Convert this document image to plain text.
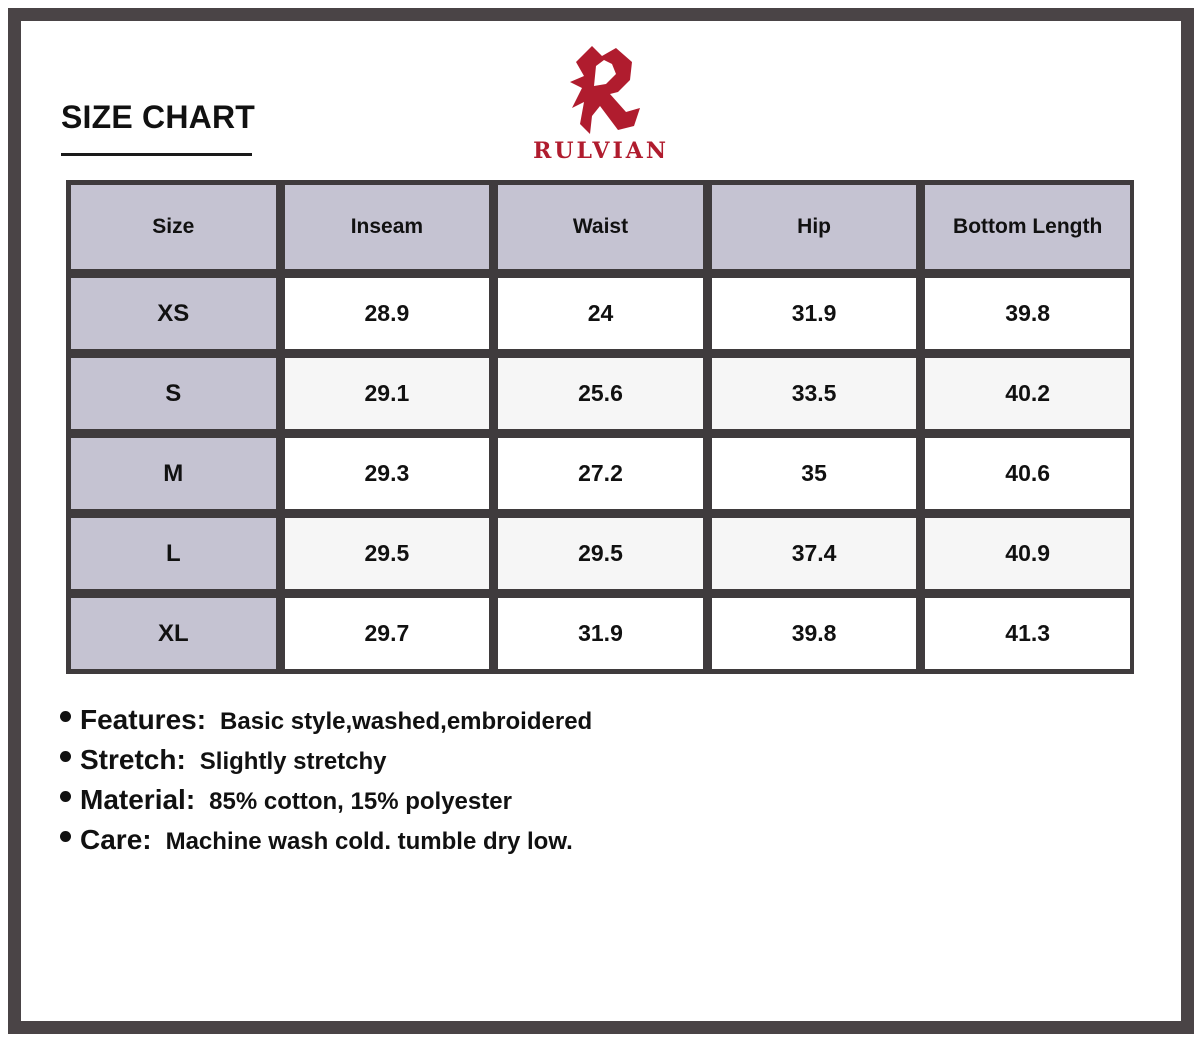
SIZE CHART
RULVIAN
Size	Inseam	Waist	Hip	Bottom Length
XS	28.9	24	31.9	39.8
S	29.1	25.6	33.5	40.2
M	29.3	27.2	35	40.6
L	29.5	29.5	37.4	40.9
XL	29.7	31.9	39.8	41.3
Features: Basic style,washed,embroidered
Stretch: Slightly stretchy
Material: 85% cotton, 15% polyester
Care: Machine wash cold. tumble dry low.
